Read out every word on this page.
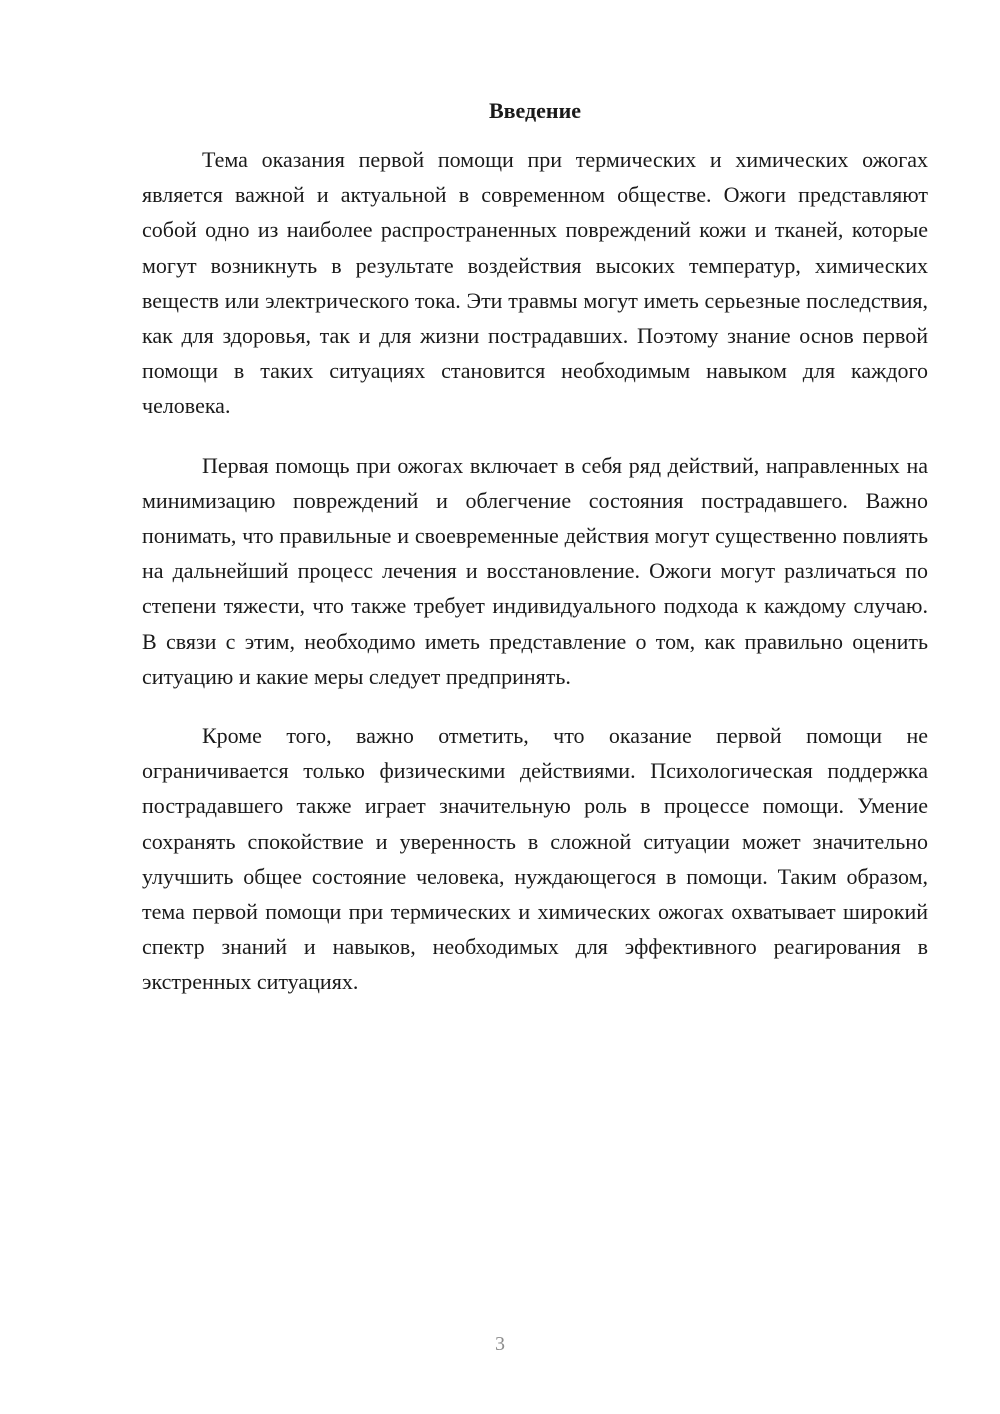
Введение

Тема оказания первой помощи при термических и химических ожогах является важной и актуальной в современном обществе. Ожоги представляют собой одно из наиболее распространенных повреждений кожи и тканей, которые могут возникнуть в результате воздействия высоких температур, химических веществ или электрического тока. Эти травмы могут иметь серьезные последствия, как для здоровья, так и для жизни пострадавших. Поэтому знание основ первой помощи в таких ситуациях становится необходимым навыком для каждого человека.

Первая помощь при ожогах включает в себя ряд действий, направленных на минимизацию повреждений и облегчение состояния пострадавшего. Важно понимать, что правильные и своевременные действия могут существенно повлиять на дальнейший процесс лечения и восстановление. Ожоги могут различаться по степени тяжести, что также требует индивидуального подхода к каждому случаю. В связи с этим, необходимо иметь представление о том, как правильно оценить ситуацию и какие меры следует предпринять.

Кроме того, важно отметить, что оказание первой помощи не ограничивается только физическими действиями. Психологическая поддержка пострадавшего также играет значительную роль в процессе помощи. Умение сохранять спокойствие и уверенность в сложной ситуации может значительно улучшить общее состояние человека, нуждающегося в помощи. Таким образом, тема первой помощи при термических и химических ожогах охватывает широкий спектр знаний и навыков, необходимых для эффективного реагирования в экстренных ситуациях.

3
